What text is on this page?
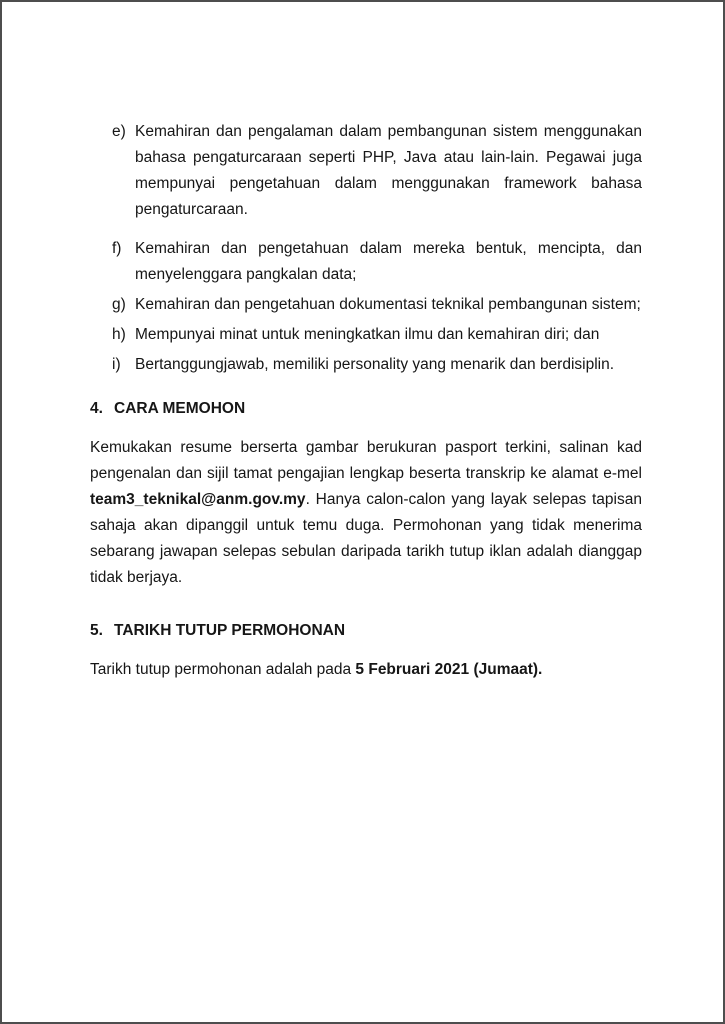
e) Kemahiran dan pengalaman dalam pembangunan sistem menggunakan bahasa pengaturcaraan seperti PHP, Java atau lain-lain. Pegawai juga mempunyai pengetahuan dalam menggunakan framework bahasa pengaturcaraan.
f) Kemahiran dan pengetahuan dalam mereka bentuk, mencipta, dan menyelenggara pangkalan data;
g) Kemahiran dan pengetahuan dokumentasi teknikal pembangunan sistem;
h) Mempunyai minat untuk meningkatkan ilmu dan kemahiran diri; dan
i) Bertanggungjawab, memiliki personality yang menarik dan berdisiplin.
4. CARA MEMOHON

Kemukakan resume berserta gambar berukuran pasport terkini, salinan kad pengenalan dan sijil tamat pengajian lengkap beserta transkrip ke alamat e-mel team3_teknikal@anm.gov.my. Hanya calon-calon yang layak selepas tapisan sahaja akan dipanggil untuk temu duga. Permohonan yang tidak menerima sebarang jawapan selepas sebulan daripada tarikh tutup iklan adalah dianggap tidak berjaya.

5. TARIKH TUTUP PERMOHONAN

Tarikh tutup permohonan adalah pada 5 Februari 2021 (Jumaat).
